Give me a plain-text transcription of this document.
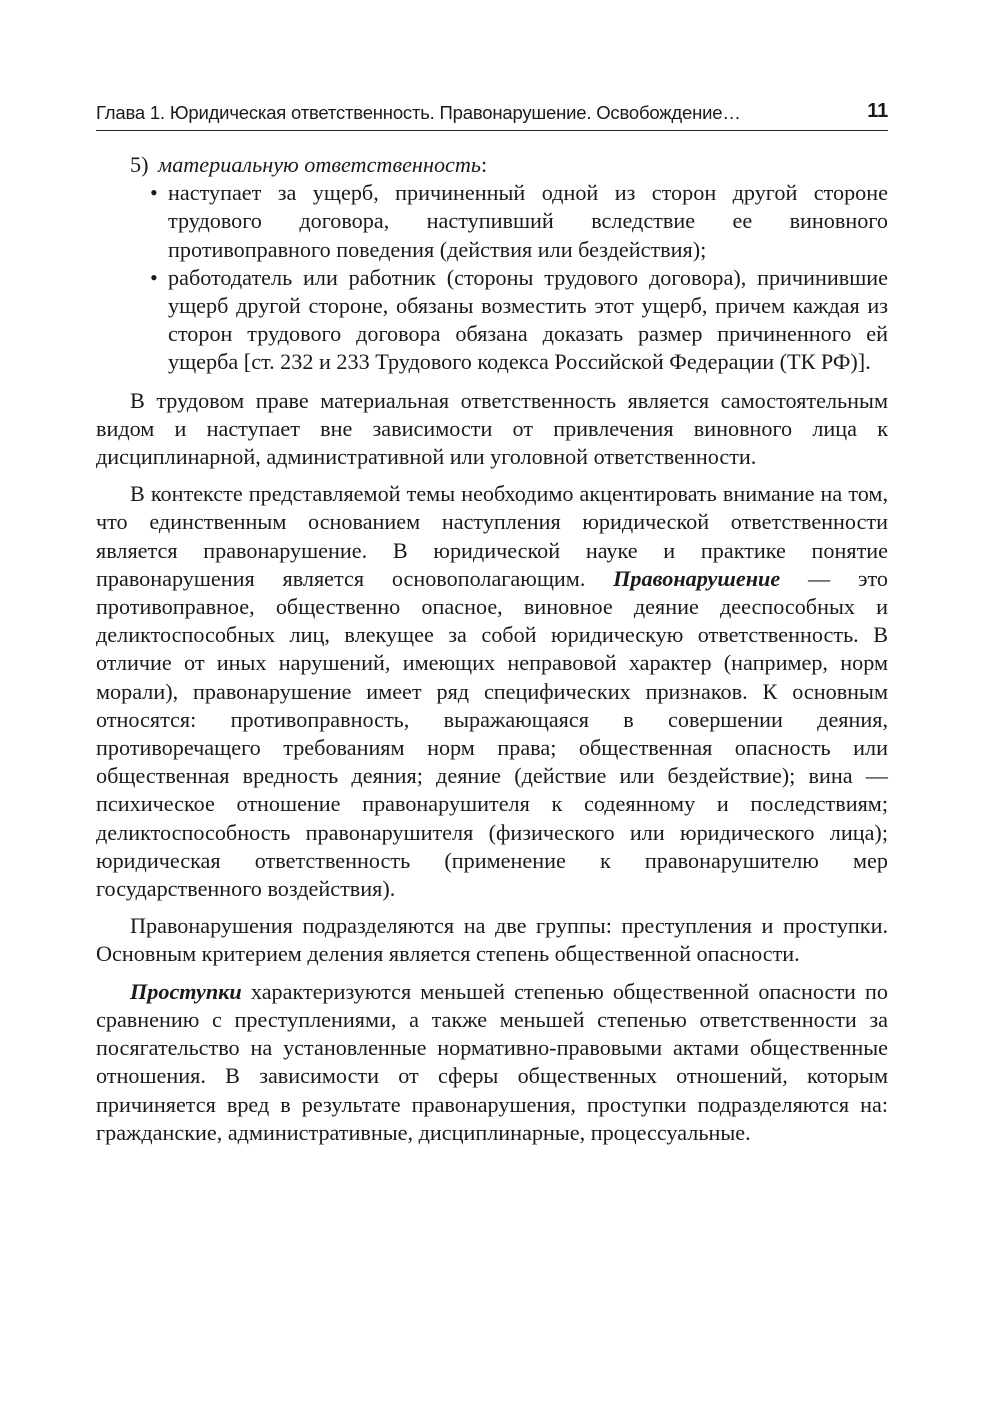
Глава 1. Юридическая ответственность. Правонарушение. Освобождение…	11
5) материальную ответственность:
• наступает за ущерб, причиненный одной из сторон другой стороне трудового договора, наступивший вследствие ее виновного противоправного поведения (действия или бездействия);
• работодатель или работник (стороны трудового договора), причинившие ущерб другой стороне, обязаны возместить этот ущерб, причем каждая из сторон трудового договора обязана доказать размер причиненного ей ущерба [ст. 232 и 233 Трудового кодекса Российской Федерации (ТК РФ)].

В трудовом праве материальная ответственность является самостоятельным видом и наступает вне зависимости от привлечения виновного лица к дисциплинарной, административной или уголовной ответственности.

В контексте представляемой темы необходимо акцентировать внимание на том, что единственным основанием наступления юридической ответственности является правонарушение. В юридической науке и практике понятие правонарушения является основополагающим. Правонарушение — это противоправное, общественно опасное, виновное деяние дееспособных и деликтоспособных лиц, влекущее за собой юридическую ответственность. В отличие от иных нарушений, имеющих неправовой характер (например, норм морали), правонарушение имеет ряд специфических признаков. К основным относятся: противоправность, выражающаяся в совершении деяния, противоречащего требованиям норм права; общественная опасность или общественная вредность деяния; деяние (действие или бездействие); вина — психическое отношение правонарушителя к содеянному и последствиям; деликтоспособность правонарушителя (физического или юридического лица); юридическая ответственность (применение к правонарушителю мер государственного воздействия).

Правонарушения подразделяются на две группы: преступления и проступки. Основным критерием деления является степень общественной опасности.

Проступки характеризуются меньшей степенью общественной опасности по сравнению с преступлениями, а также меньшей степенью ответственности за посягательство на установленные нормативно-правовыми актами общественные отношения. В зависимости от сферы общественных отношений, которым причиняется вред в результате правонарушения, проступки подразделяются на: гражданские, административные, дисциплинарные, процессуальные.
